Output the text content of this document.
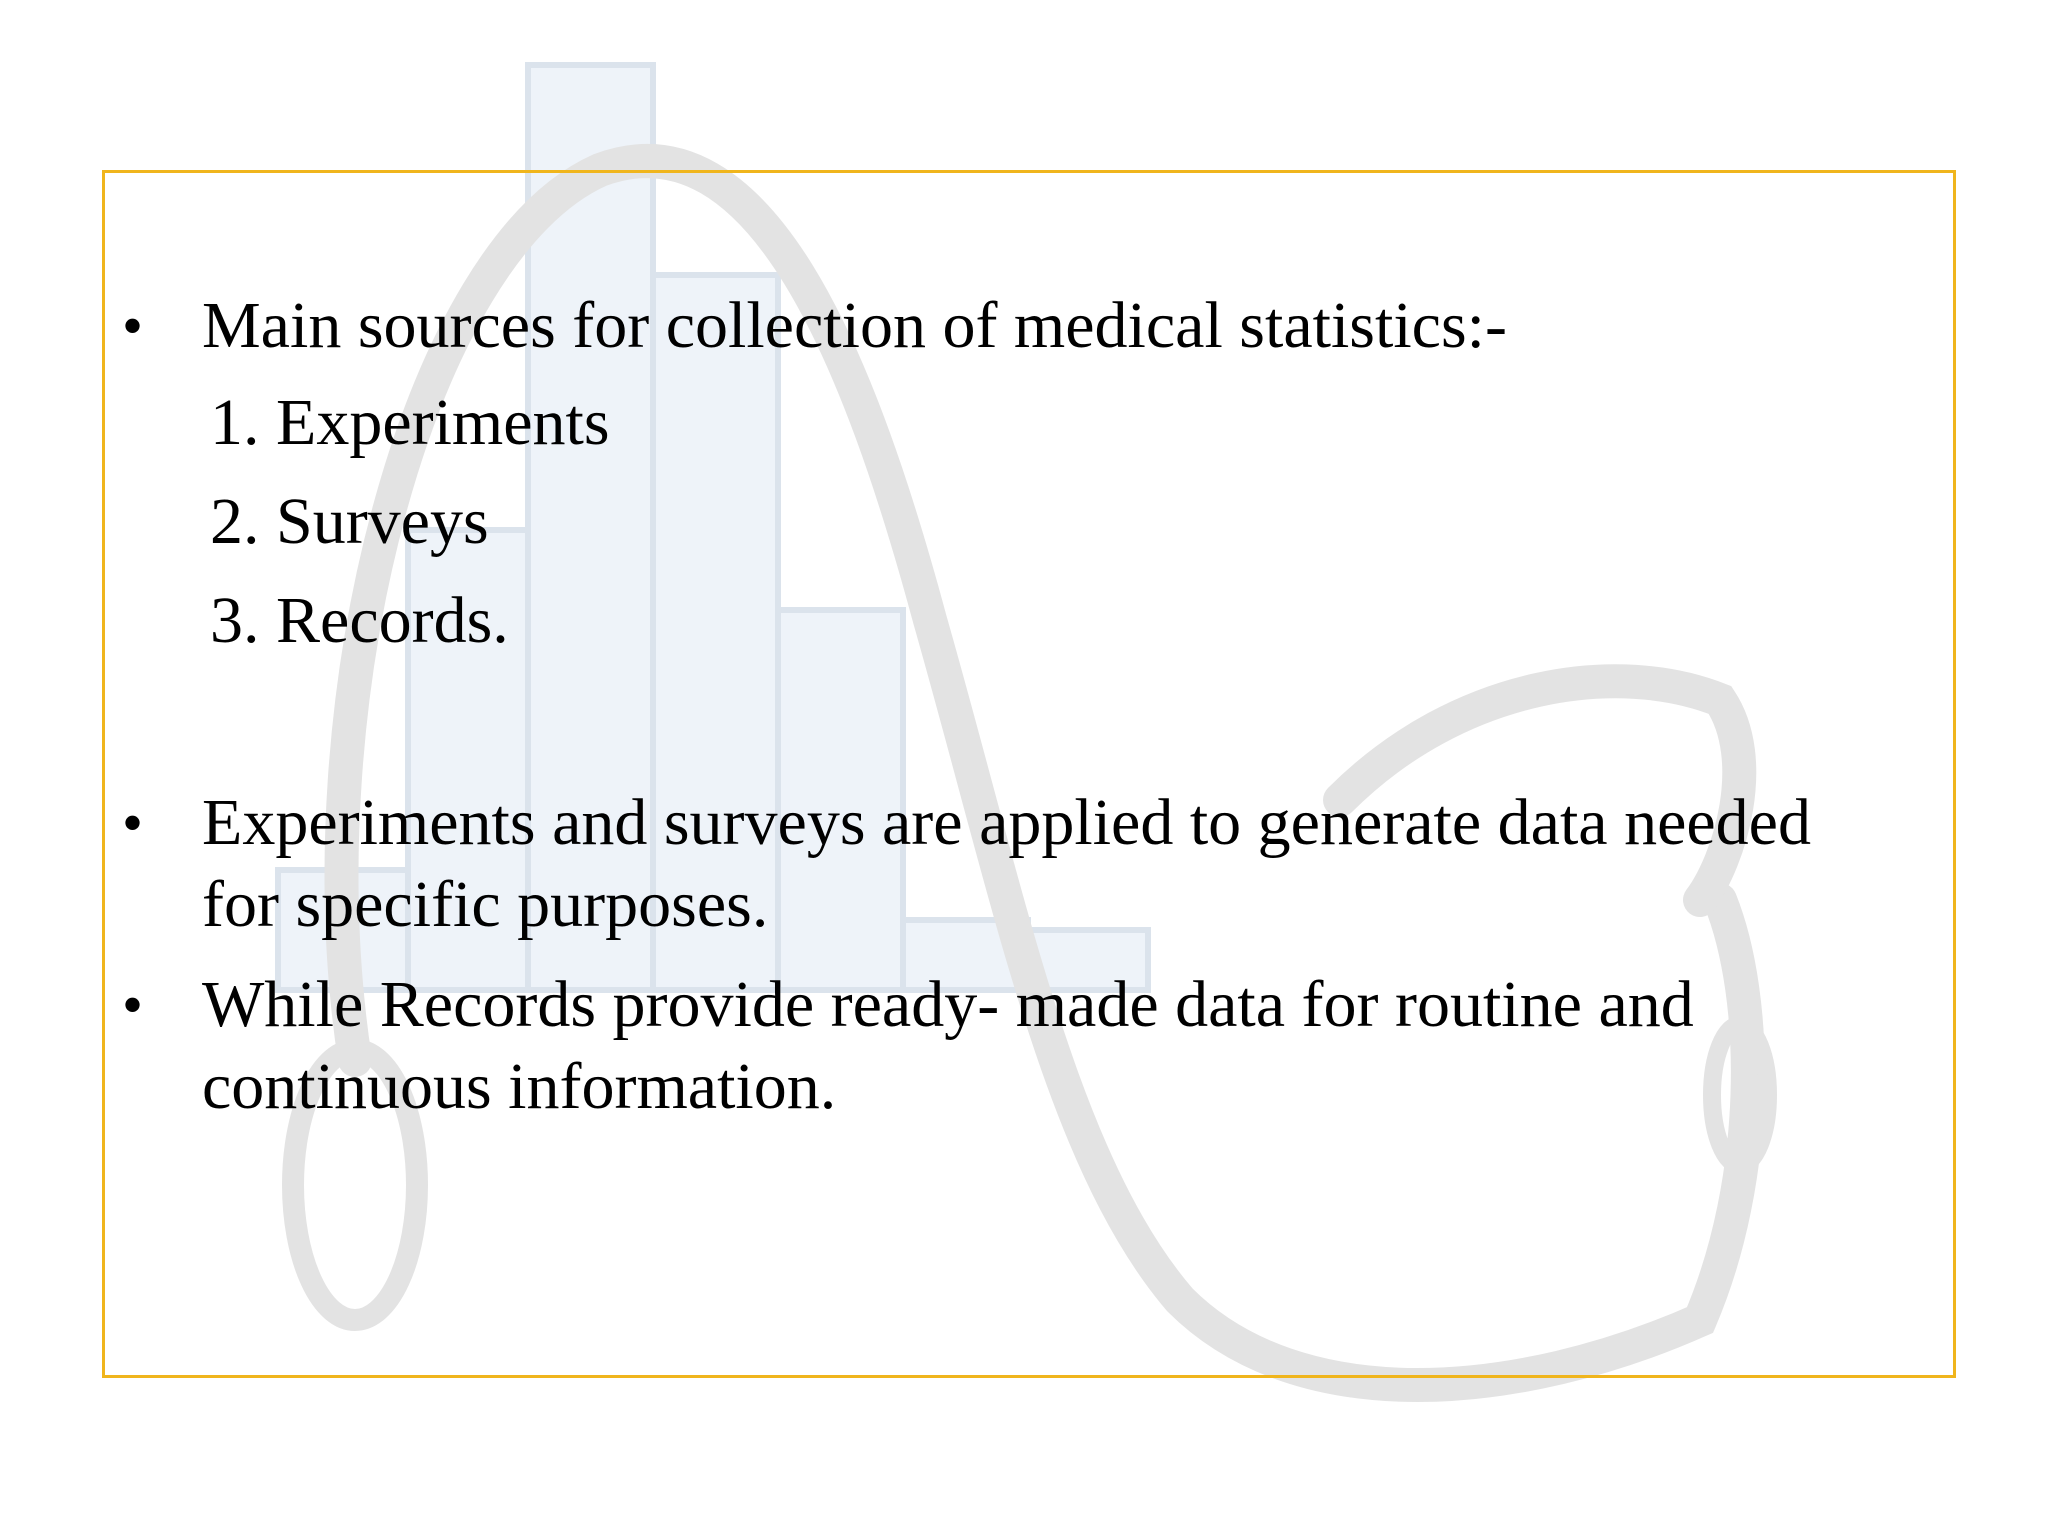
• Main sources for collection of medical statistics:-
1. Experiments
2. Surveys
3. Records.
• Experiments and surveys are applied to generate data needed
for specific purposes.
• While Records provide ready- made data for routine and
continuous information.
